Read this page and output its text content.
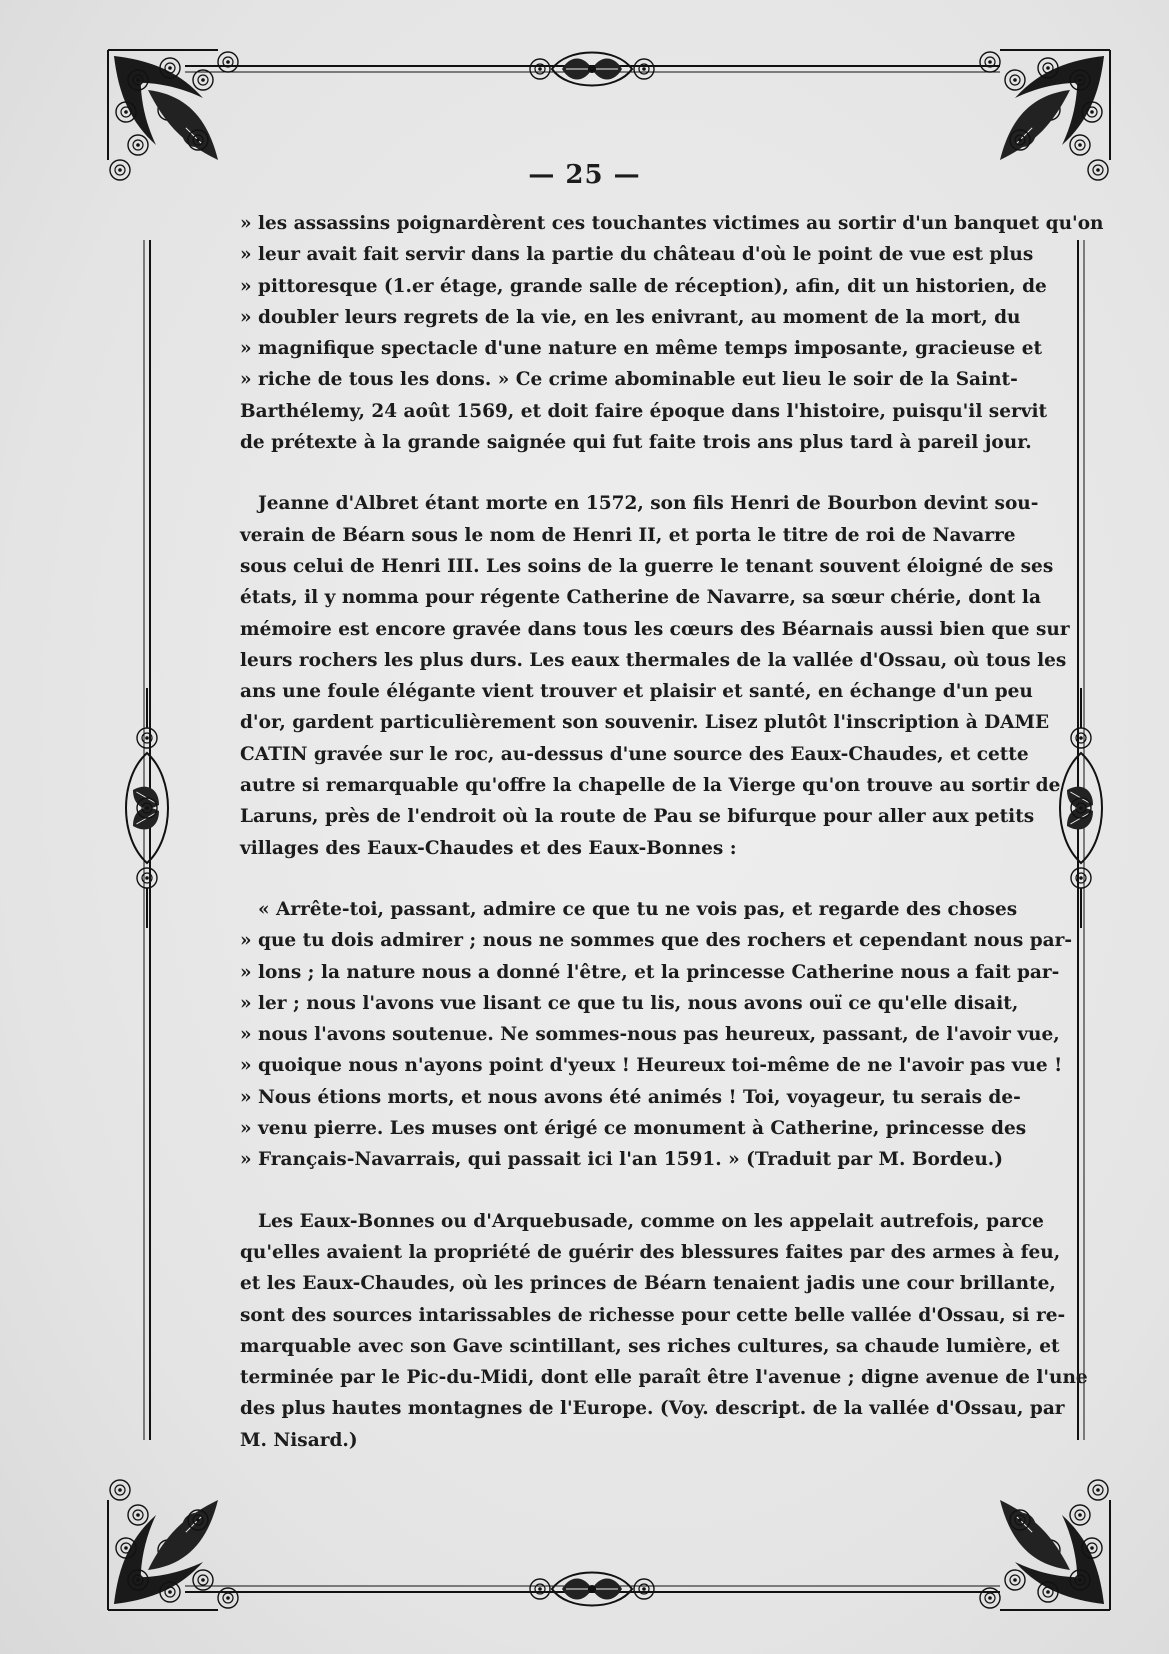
— 25 —
» les assassins poignardèrent ces touchantes victimes au sortir d'un banquet qu'on
» leur avait fait servir dans la partie du château d'où le point de vue est plus
» pittoresque (1.er étage, grande salle de réception), afin, dit un historien, de
» doubler leurs regrets de la vie, en les enivrant, au moment de la mort, du
» magnifique spectacle d'une nature en même temps imposante, gracieuse et
» riche de tous les dons. » Ce crime abominable eut lieu le soir de la Saint-
Barthélemy, 24 août 1569, et doit faire époque dans l'histoire, puisqu'il servit
de prétexte à la grande saignée qui fut faite trois ans plus tard à pareil jour.
Jeanne d'Albret étant morte en 1572, son fils Henri de Bourbon devint sou-
verain de Béarn sous le nom de Henri II, et porta le titre de roi de Navarre
sous celui de Henri III. Les soins de la guerre le tenant souvent éloigné de ses
états, il y nomma pour régente Catherine de Navarre, sa sœur chérie, dont la
mémoire est encore gravée dans tous les cœurs des Béarnais aussi bien que sur
leurs rochers les plus durs. Les eaux thermales de la vallée d'Ossau, où tous les
ans une foule élégante vient trouver et plaisir et santé, en échange d'un peu
d'or, gardent particulièrement son souvenir. Lisez plutôt l'inscription à DAME
CATIN gravée sur le roc, au-dessus d'une source des Eaux-Chaudes, et cette
autre si remarquable qu'offre la chapelle de la Vierge qu'on trouve au sortir de
Laruns, près de l'endroit où la route de Pau se bifurque pour aller aux petits
villages des Eaux-Chaudes et des Eaux-Bonnes :
« Arrête-toi, passant, admire ce que tu ne vois pas, et regarde des choses
» que tu dois admirer ; nous ne sommes que des rochers et cependant nous par-
» lons ; la nature nous a donné l'être, et la princesse Catherine nous a fait par-
» ler ; nous l'avons vue lisant ce que tu lis, nous avons ouï ce qu'elle disait,
» nous l'avons soutenue. Ne sommes-nous pas heureux, passant, de l'avoir vue,
» quoique nous n'ayons point d'yeux ! Heureux toi-même de ne l'avoir pas vue !
» Nous étions morts, et nous avons été animés ! Toi, voyageur, tu serais de-
» venu pierre. Les muses ont érigé ce monument à Catherine, princesse des
» Français-Navarrais, qui passait ici l'an 1591. » (Traduit par M. Bordeu.)
Les Eaux-Bonnes ou d'Arquebusade, comme on les appelait autrefois, parce
qu'elles avaient la propriété de guérir des blessures faites par des armes à feu,
et les Eaux-Chaudes, où les princes de Béarn tenaient jadis une cour brillante,
sont des sources intarissables de richesse pour cette belle vallée d'Ossau, si re-
marquable avec son Gave scintillant, ses riches cultures, sa chaude lumière, et
terminée par le Pic-du-Midi, dont elle paraît être l'avenue ; digne avenue de l'une
des plus hautes montagnes de l'Europe. (Voy. descript. de la vallée d'Ossau, par
M. Nisard.)
